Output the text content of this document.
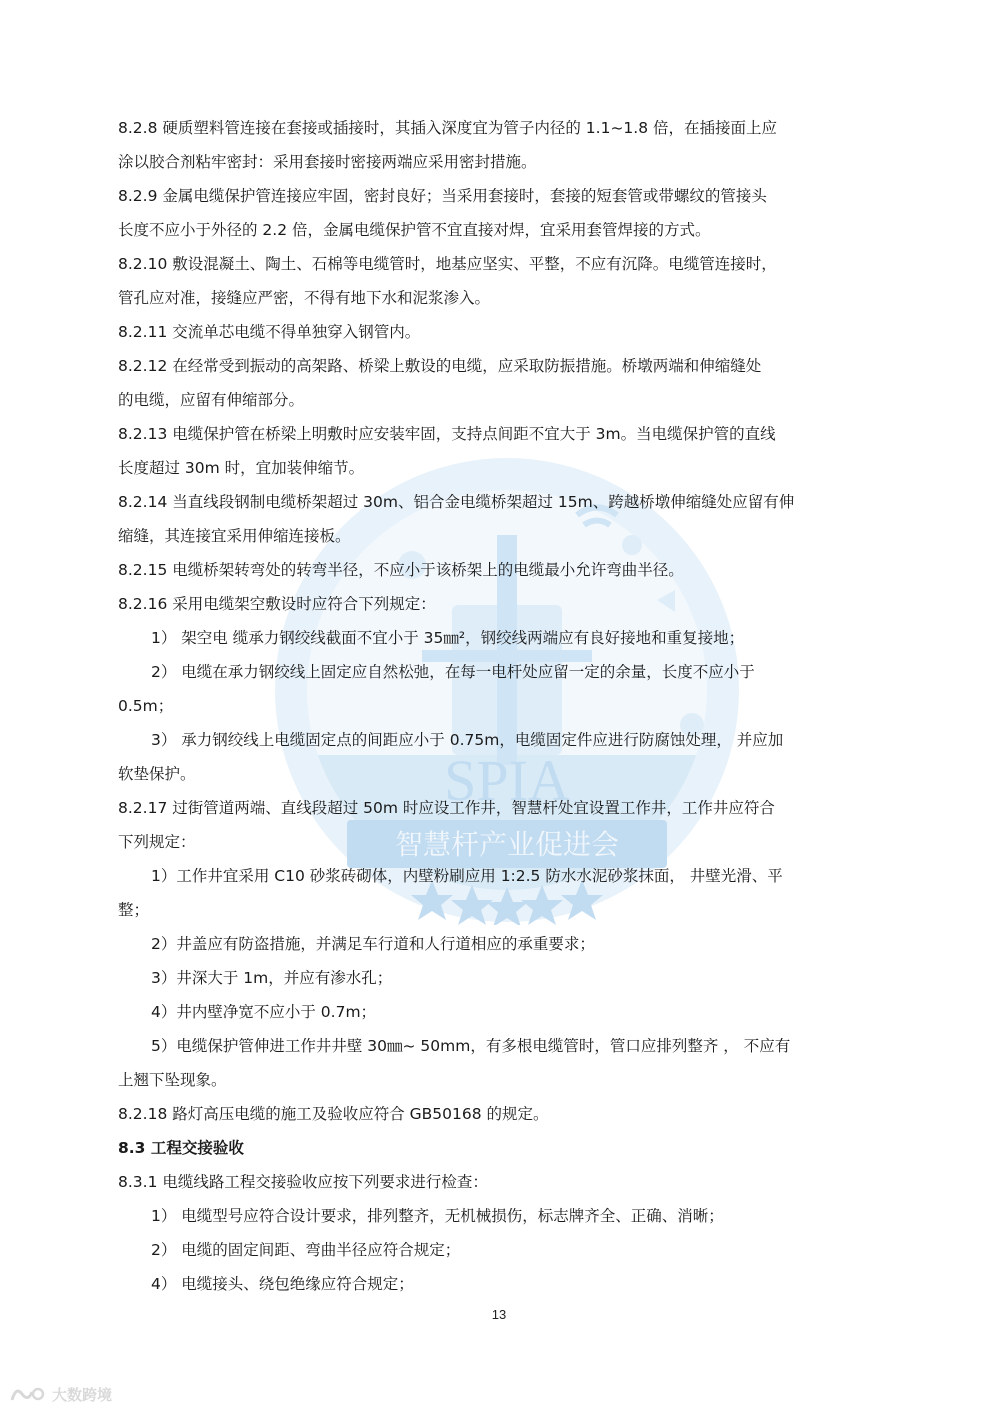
SPIA
智慧杆产业促进会
8.2.8 硬质塑料管连接在套接或插接时，其插入深度宜为管子内径的 1.1~1.8 倍，在插接面上应
涂以胶合剂粘牢密封：采用套接时密接两端应采用密封措施。
8.2.9 金属电缆保护管连接应牢固，密封良好；当采用套接时，套接的短套管或带螺纹的管接头
长度不应小于外径的 2.2 倍，金属电缆保护管不宜直接对焊，宜采用套管焊接的方式。
8.2.10 敷设混凝土、陶土、石棉等电缆管时，地基应坚实、平整，不应有沉降。电缆管连接时，
管孔应对准，接缝应严密，不得有地下水和泥浆渗入。
8.2.11 交流单芯电缆不得单独穿入钢管内。
8.2.12 在经常受到振动的高架路、桥梁上敷设的电缆，应采取防振措施。桥墩两端和伸缩缝处
的电缆，应留有伸缩部分。
8.2.13 电缆保护管在桥梁上明敷时应安装牢固，支持点间距不宜大于 3m。当电缆保护管的直线
长度超过 30m 时，宜加装伸缩节。
8.2.14 当直线段钢制电缆桥架超过 30m、铝合金电缆桥架超过 15m、跨越桥墩伸缩缝处应留有伸
缩缝，其连接宜采用伸缩连接板。
8.2.15 电缆桥架转弯处的转弯半径，不应小于该桥架上的电缆最小允许弯曲半径。
8.2.16 采用电缆架空敷设时应符合下列规定：
1） 架空电 缆承力钢绞线截面不宜小于 35㎜²，钢绞线两端应有良好接地和重复接地；
2） 电缆在承力钢绞线上固定应自然松弛，在每一电杆处应留一定的余量，长度不应小于
0.5m；
3） 承力钢绞线上电缆固定点的间距应小于 0.75m，电缆固定件应进行防腐蚀处理， 并应加
软垫保护。
8.2.17 过街管道两端、直线段超过 50m 时应设工作井，智慧杆处宜设置工作井，工作井应符合
下列规定：
1）工作井宜采用 C10 砂浆砖砌体，内壁粉刷应用 1:2.5 防水水泥砂浆抹面， 井壁光滑、平
整；
2）井盖应有防盗措施，并满足车行道和人行道相应的承重要求；
3）井深大于 1m，并应有渗水孔；
4）井内壁净宽不应小于 0.7m；
5）电缆保护管伸进工作井井壁 30㎜~ 50mm，有多根电缆管时，管口应排列整齐 ， 不应有
上翘下坠现象。
8.2.18 路灯高压电缆的施工及验收应符合 GB50168 的规定。
8.3 工程交接验收
8.3.1 电缆线路工程交接验收应按下列要求进行检查：
1） 电缆型号应符合设计要求，排列整齐，无机械损伤，标志牌齐全、正确、消晰；
2） 电缆的固定间距、弯曲半径应符合规定；
4） 电缆接头、绕包绝缘应符合规定；
13
大数跨境
